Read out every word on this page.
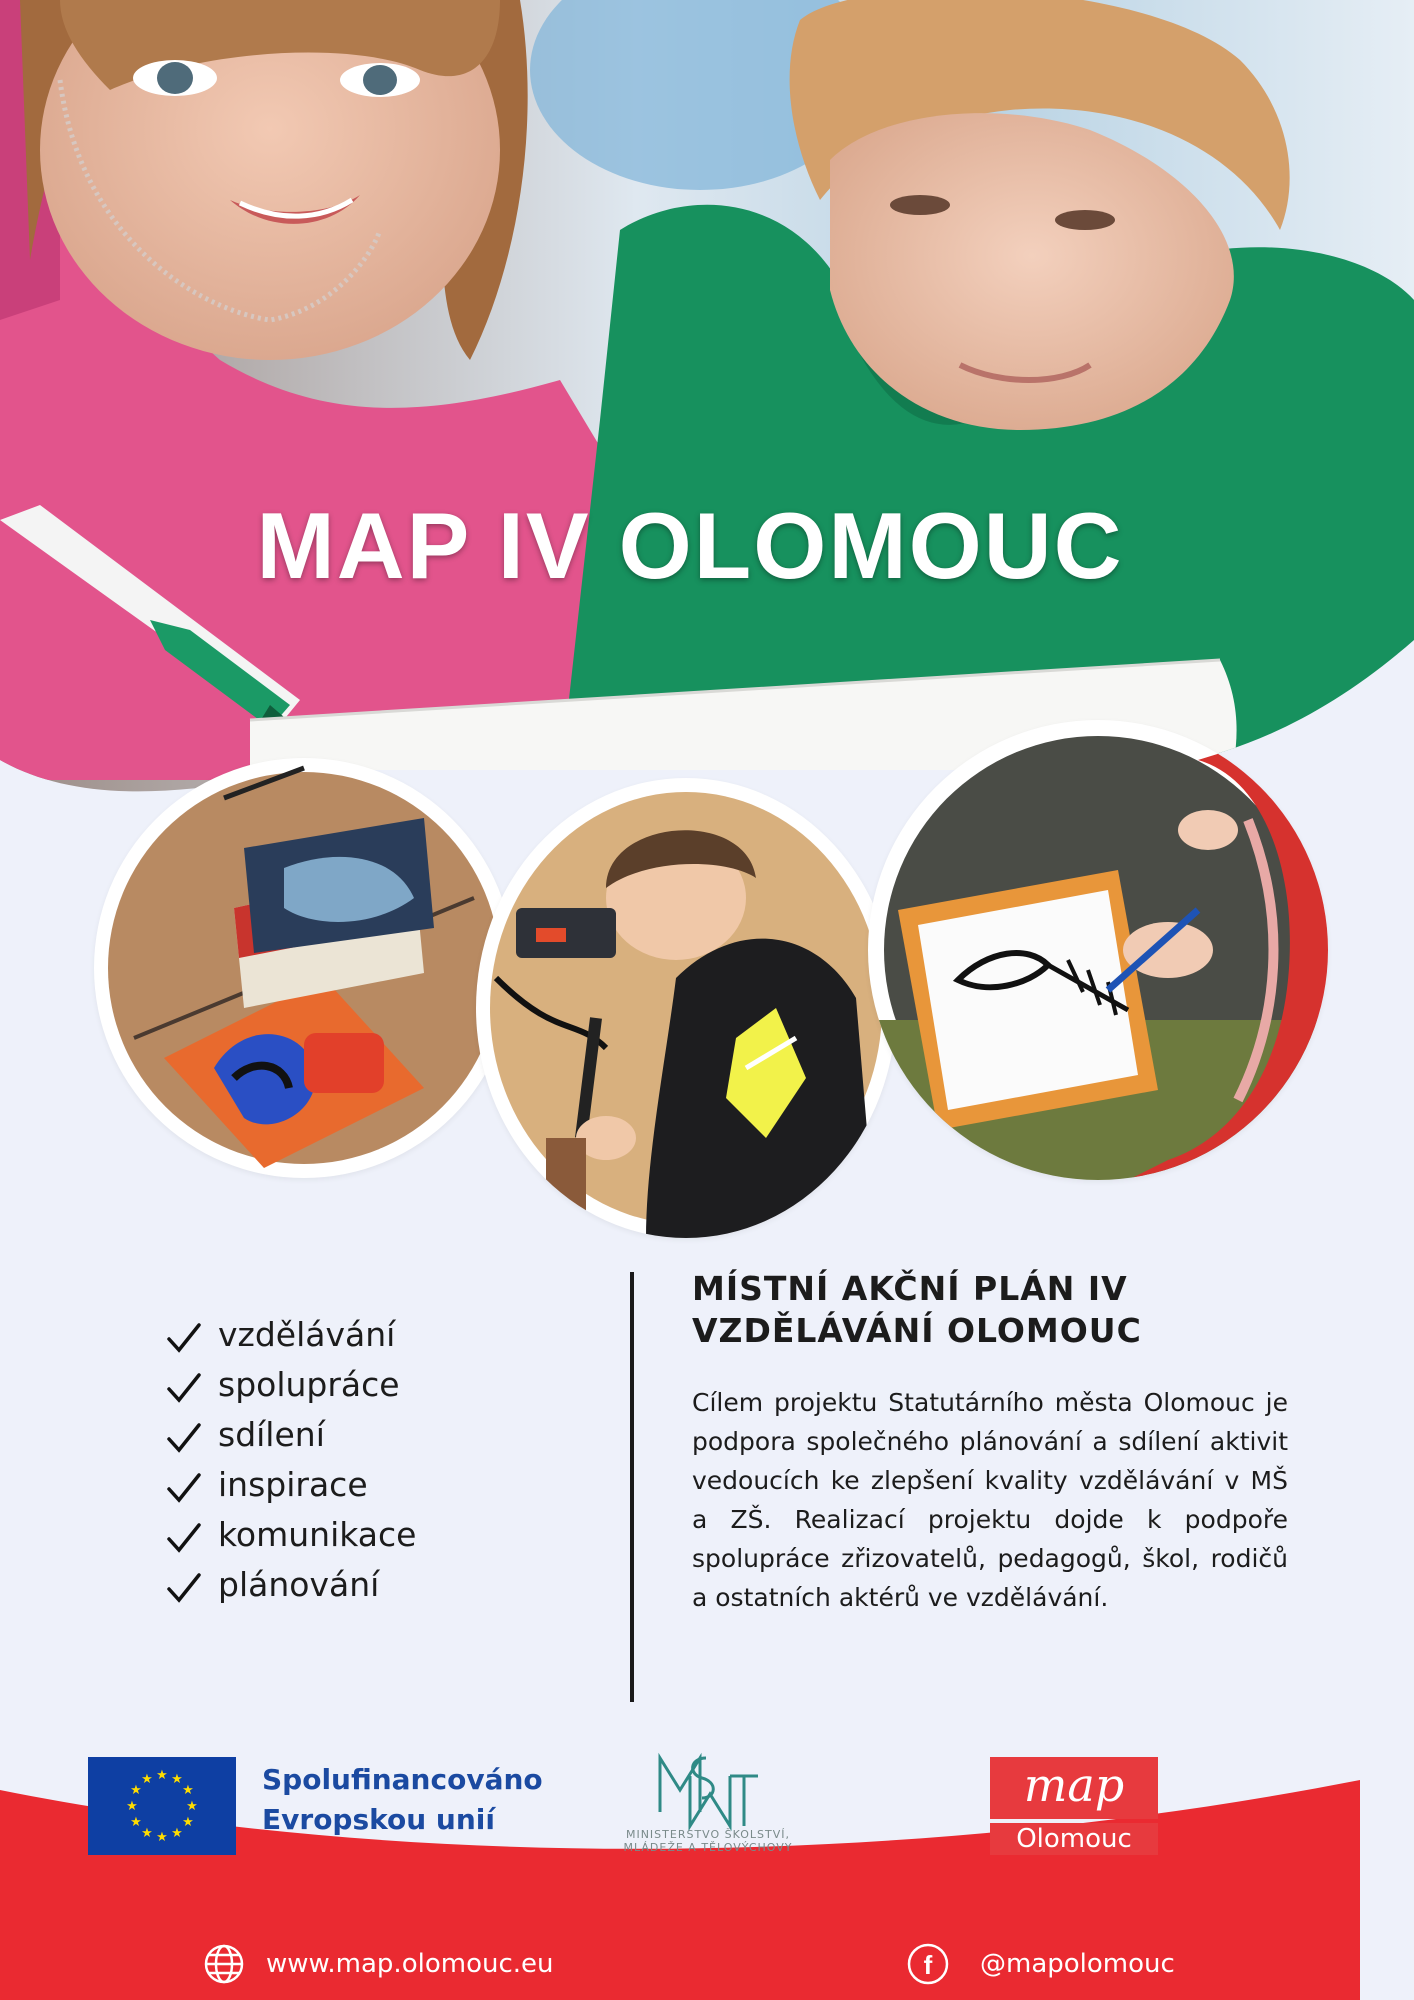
MAP IV OLOMOUC
vzdělávání
spolupráce
sdílení
inspirace
komunikace
plánování
MÍSTNÍ AKČNÍ PLÁN IV
VZDĚLÁVÁNÍ OLOMOUC
Cílem projektu Statutárního města Olomouc je podpora společného plánování a sdílení aktivit vedoucích ke zlepšení kvality vzdělávání v MŠ a ZŠ. Realizací projektu dojde k podpoře spolupráce zřizovatelů, pedagogů, škol, rodičů a ostatních aktérů ve vzdělávání.
★ ★
★
★
★
★
★
★
★
★
★
★	Spolufinancováno
Evropskou unií	MINISTERSTVO ŠKOLSTVÍ,
MLÁDEŽE A TĚLOVÝCHOVY
map
Olomouc
www.map.olomouc.eu	f @mapolomouc
